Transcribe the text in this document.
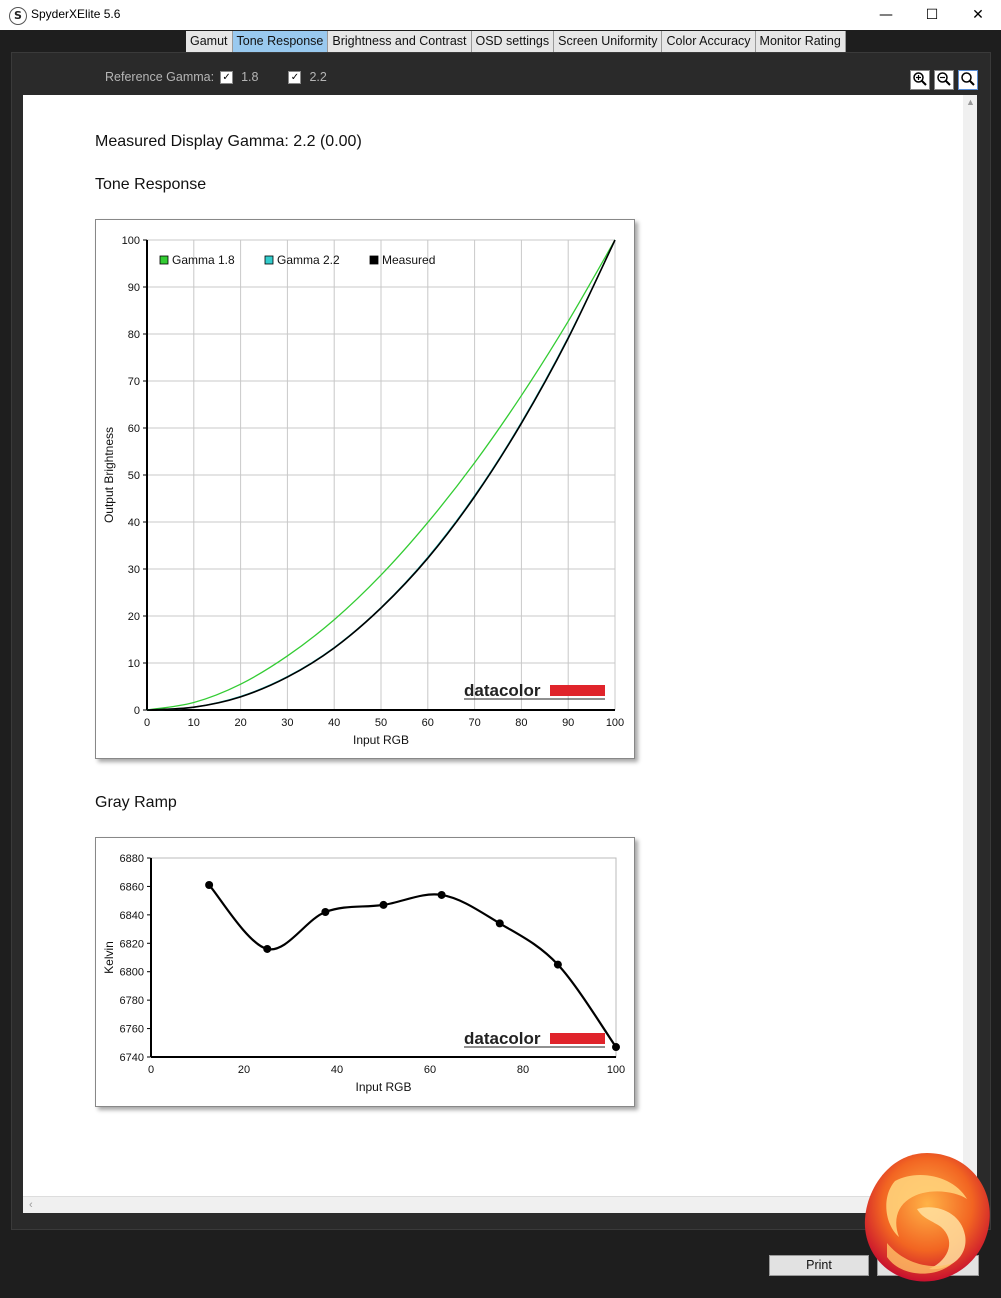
S SpyderXElite 5.6	—	☐	✕
Gamut Tone Response Brightness and Contrast OSD settings Screen Uniformity Color Accuracy Monitor Rating
Reference Gamma: ✓ 1.8	✓ 2.2
▲
‹
Measured Display Gamma: 2.2 (0.00)
Tone Response
Gray Ramp
0	10	20	30	40	50	60	70	80	90	100
0
10
20
30
40
50
60
70
80
90
100
Input RGB
Output Brightness
Gamma 1.8	Gamma 2.2	Measured
datacolor
0	20	40	60	80	100
6740
6760
6780
6800
6820
6840
6860
6880
Input RGB
Kelvin
datacolor
Print
